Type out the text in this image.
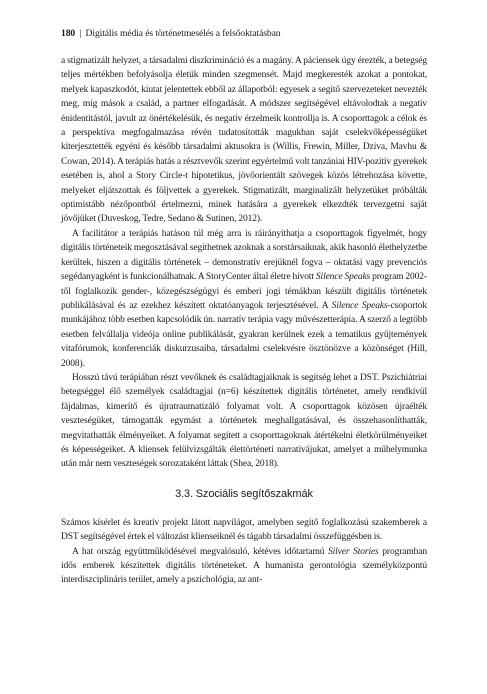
180 | Digitális média és történetmesélés a felsőoktatásban

a stigmatizált helyzet, a társadalmi diszkrimináció és a magány. A páciensek úgy érezték, a betegség teljes mértékben befolyásolja életük minden szegmensét. Majd megkeresték azokat a pontokat, melyek kapaszkodót, kiutat jelentettek ebből az állapotból: egyesek a segítő szervezeteket nevezték meg, míg mások a család, a partner elfogadását. A módszer segítségével eltávolodtak a negatív énidentitástól, javult az önértékelésük, és negatív érzelmeik kontrollja is. A csoporttagok a célok és a perspektíva megfogalmazása révén tudatosították magukban saját cselekvőképességüket kiterjesztették egyéni és később társadalmi aktusokra is (Willis, Frewin, Miller, Dziva, Mavhu & Cowan, 2014). A terápiás hatás a résztvevők szerint egyértelmű volt tanzániai HIV-pozitív gyerekek esetében is, ahol a Story Circle-t hipotetikus, jövőorientált szövegek közös létrehozása követte, melyeket eljátszottak és följvettek a gyerekek. Stigmatizált, marginalizált helyzetüket próbálták optimistább nézőpontból értelmezni, minek hatására a gyerekek elkezdték tervezgetni saját jövőjüket (Duveskog, Tedre, Sedano & Sutinen, 2012).

A facilitátor a terápiás hatáson túl még arra is ráirányíthatja a csoporttagok figyelmét, hogy digitális történeteik megosztásával segíthetnek azoknak a sorstársaiknak, akik hasonló élethelyzetbe kerültek, hiszen a digitális történetek – demonstratív erejüknél fogva – oktatási vagy prevenciós segédanyagként is funkcionálhatnak. A StoryCenter által életre hívott Silence Speaks program 2002-től foglalkozik gender-, közegészségügyi és emberi jogi témákban készült digitális történetek publikálásával és az ezekhez készített oktatóanyagok terjesztésével. A Silence Speaks-csoportok munkájához több esetben kapcsolódik ún. narratív terápia vagy művészetterápia. A szerző a legtöbb esetben felvállalja videója online publikálását, gyakran kerülnek ezek a tematikus gyűjtemények vitafórumok, konferenciák diskurzusaiba, társadalmi cselekvésre ösztönözve a közönséget (Hill, 2008).

Hosszú távú terápiában részt vevőknek és családtagjaiknak is segítség lehet a DST. Pszichiátriai betegséggel élő személyek családtagjai (n=6) készítettek digitális történetet, amely rendkívül fájdalmas, kimerítő és újratraumatizáló folyamat volt. A csoporttagok közösen újraélték veszteségüket, támogatták egymást a történetek meghallgatásával, és összehasonlíthatták, megvitathatták élményeiket. A folyamat segített a csoporttagoknak átértékelni életkörülményeiket és képességeiket. A kliensek felülvizsgálták élettörténeti narratívájukat, amelyet a műhelymunka után már nem veszteségek sorozataként láttak (Shea, 2018).

3.3. Szociális segítőszakmák

Számos kísérlet és kreatív projekt látott napvilágot, amelyben segítő foglalkozású szakemberek a DST segítségével értek el változást klienseiknél és tágabb társadalmi összefüggésben is.

A hat ország együttműködésével megvalósuló, kétéves időtartamú Silver Stories programban idős emberek készítettek digitális történeteket. A humanista gerontológia személyközpontú interdiszciplináris terület, amely a pszichológia, az ant-
